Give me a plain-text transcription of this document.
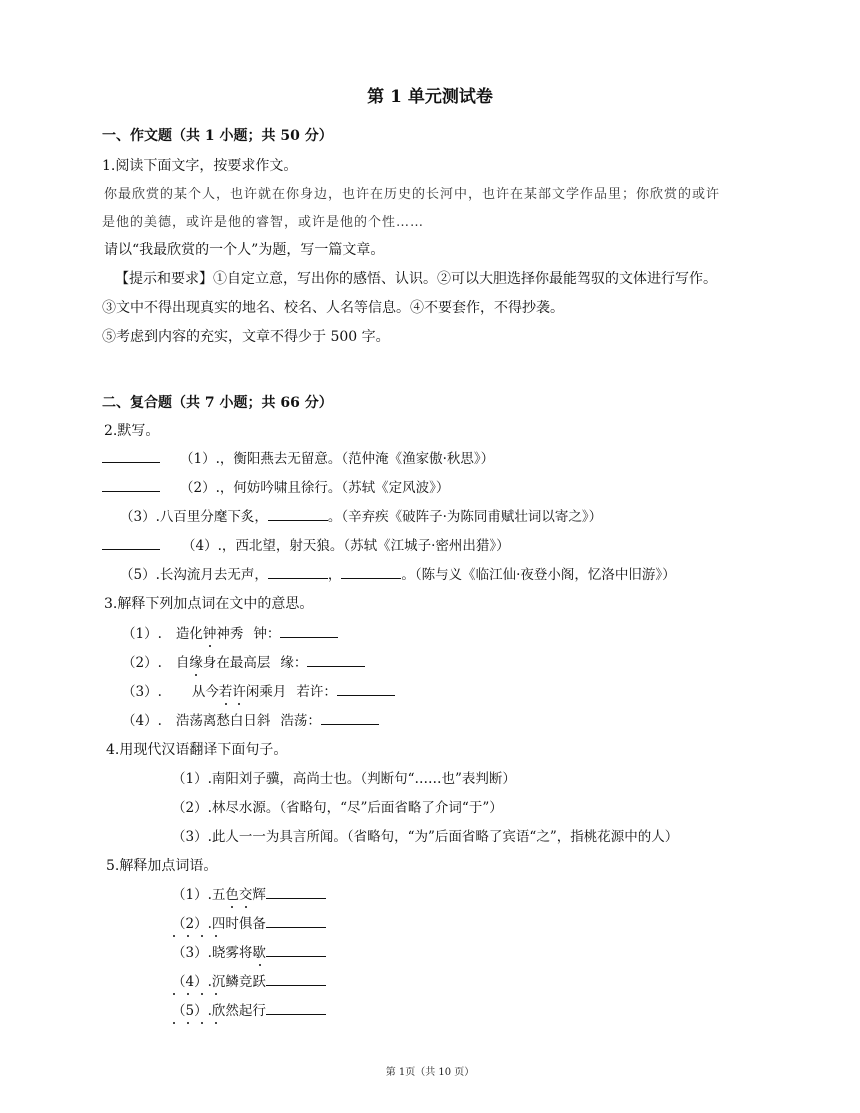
第 1 单元测试卷
一、作文题（共 1 小题；共 50 分）
1.阅读下面文字，按要求作文。
你最欣赏的某个人，也许就在你身边，也许在历史的长河中，也许在某部文学作品里；你欣赏的或许
是他的美德，或许是他的睿智，或许是他的个性……
请以“我最欣赏的一个人”为题，写一篇文章。
【提示和要求】①自定立意，写出你的感悟、认识。②可以大胆选择你最能驾驭的文体进行写作。
③文中不得出现真实的地名、校名、人名等信息。④不要套作，不得抄袭。
⑤考虑到内容的充实，文章不得少于 500 字。
二、复合题（共 7 小题；共 66 分）
2.默写。
（1）.，衡阳燕去无留意。（范仲淹《渔家傲·秋思》）
（2）.，何妨吟啸且徐行。（苏轼《定风波》）
（3）.八百里分麾下炙，	。（辛弃疾《破阵子·为陈同甫赋壮词以寄之》）
（4）.，西北望，射天狼。（苏轼《江城子·密州出猎》）
（5）.长沟流月去无声，	，	。（陈与义《临江仙·夜登小阁，忆洛中旧游》）
3.解释下列加点词在文中的意思。
（1）. 造化钟
神秀 钟：
（2）. 自缘
身在最高层 缘：
（3）. 从今若许
闲乘月 若许：
（4）. 浩荡离愁白日斜 浩荡：
4.用现代汉语翻译下面句子。
（1）.南阳刘子骥，高尚士也。（判断句“……也”表判断）
（2）.林尽水源。（省略句，“尽”后面省略了介词“于”）
（3）.此人一一为具言所闻。（省略句，“为”后面省略了宾语“之”，指桃花源中的人）
5.解释加点词语。
（1）.五色交辉
（2）.四时俱备
（3）.晓雾将歇
（4）.沉鳞竞跃
（5）.欣然起行
第 1页（共 10 页）
